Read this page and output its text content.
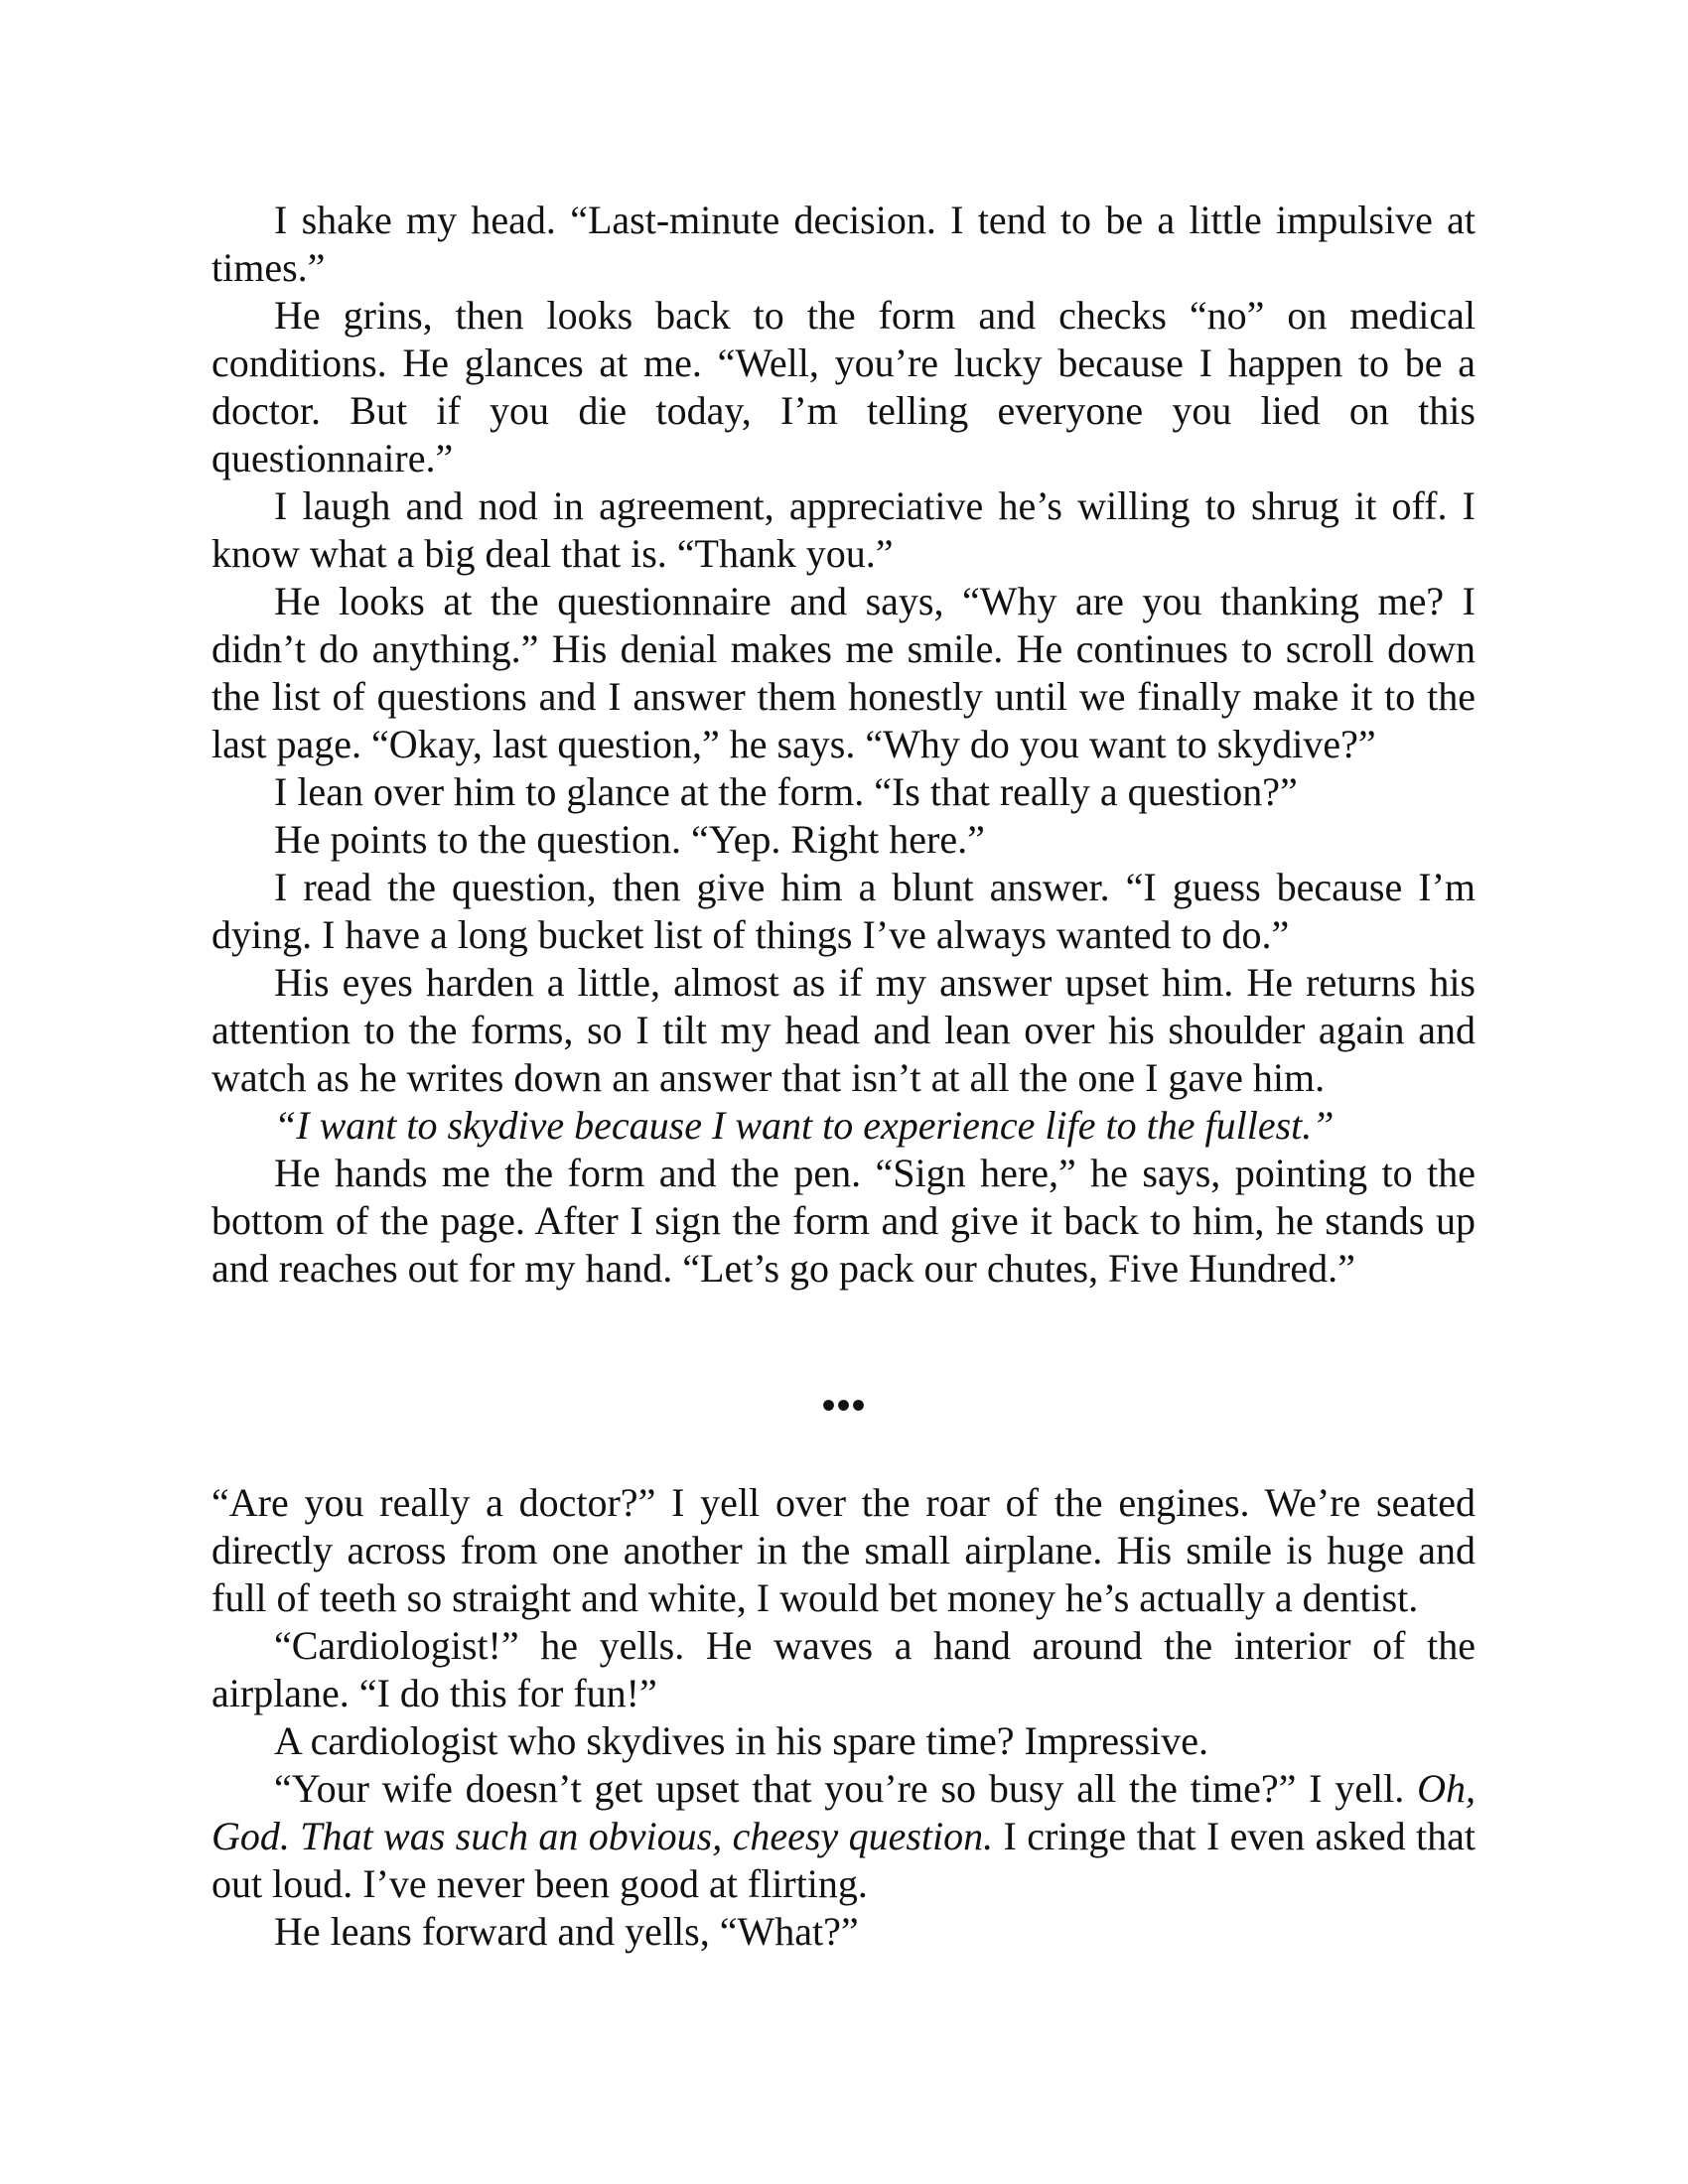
I shake my head. “Last-minute decision. I tend to be a little impulsive at times.”

He grins, then looks back to the form and checks “no” on medical conditions. He glances at me. “Well, you’re lucky because I happen to be a doctor. But if you die today, I’m telling everyone you lied on this questionnaire.”

I laugh and nod in agreement, appreciative he’s willing to shrug it off. I know what a big deal that is. “Thank you.”

He looks at the questionnaire and says, “Why are you thanking me? I didn’t do anything.” His denial makes me smile. He continues to scroll down the list of questions and I answer them honestly until we finally make it to the last page. “Okay, last question,” he says. “Why do you want to skydive?”

I lean over him to glance at the form. “Is that really a question?”

He points to the question. “Yep. Right here.”

I read the question, then give him a blunt answer. “I guess because I’m dying. I have a long bucket list of things I’ve always wanted to do.”

His eyes harden a little, almost as if my answer upset him. He returns his attention to the forms, so I tilt my head and lean over his shoulder again and watch as he writes down an answer that isn’t at all the one I gave him.

“I want to skydive because I want to experience life to the fullest.”

He hands me the form and the pen. “Sign here,” he says, pointing to the bottom of the page. After I sign the form and give it back to him, he stands up and reaches out for my hand. “Let’s go pack our chutes, Five Hundred.”

•••

“Are you really a doctor?” I yell over the roar of the engines. We’re seated directly across from one another in the small airplane. His smile is huge and full of teeth so straight and white, I would bet money he’s actually a dentist.

“Cardiologist!” he yells. He waves a hand around the interior of the airplane. “I do this for fun!”

A cardiologist who skydives in his spare time? Impressive.

“Your wife doesn’t get upset that you’re so busy all the time?” I yell. Oh, God. That was such an obvious, cheesy question. I cringe that I even asked that out loud. I’ve never been good at flirting.

He leans forward and yells, “What?”
